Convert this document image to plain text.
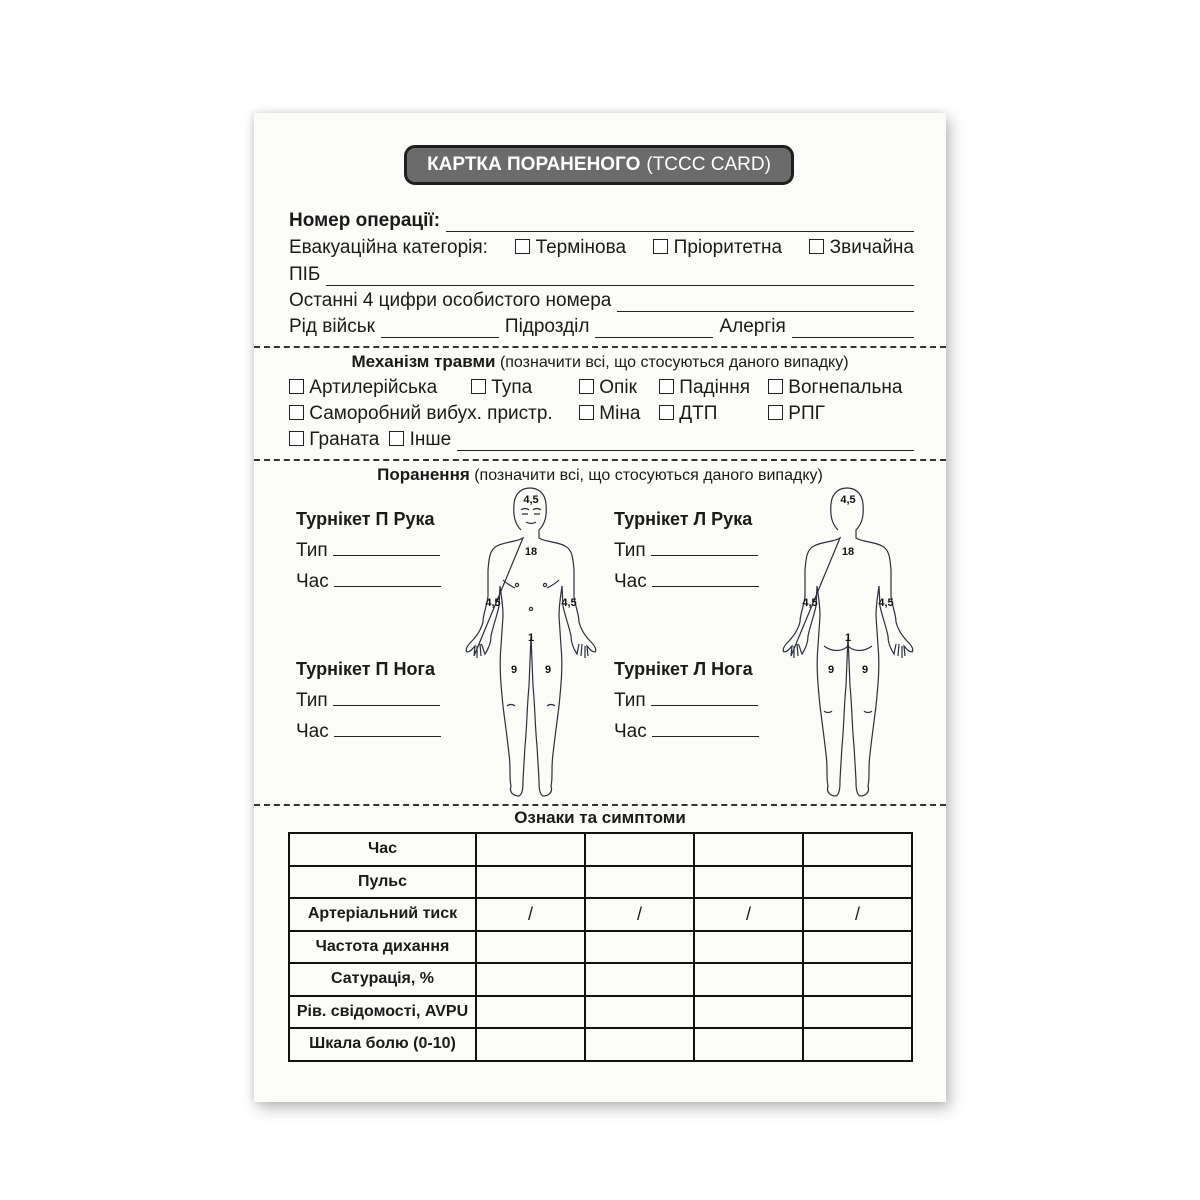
КАРТКА ПОРАНЕНОГО (TCCC CARD)
Номер операції:
Евакуаційна категорія:	Термінова	Пріоритетна	Звичайна
ПІБ
Останні 4 цифри особистого номера
Рід військ	Підрозділ	Алергія
Механізм травми (позначити всі, що стосуються даного випадку)
Артилерійська	Тупа	Опік	Падіння	Вогнепальна
Саморобний вибух. пристр.	Міна	ДТП	РПГ
Граната	Інше
Поранення (позначити всі, що стосуються даного випадку)
Турнікет П Рука
Тип
Час
Турнікет Л Рука
Тип
Час
Турнікет П Нога
Тип
Час
Турнікет Л Нога
Тип
Час
4,5
18
4,5	4,5
1
9	9
4,5
18
4,5	4,5
1
9	9
Ознаки та симптоми
Час				
Пульс				
Артеріальний тиск	/	/	/	/
Частота дихання				
Сатурація, %				
Рів. свідомості, AVPU				
Шкала болю (0-10)				
